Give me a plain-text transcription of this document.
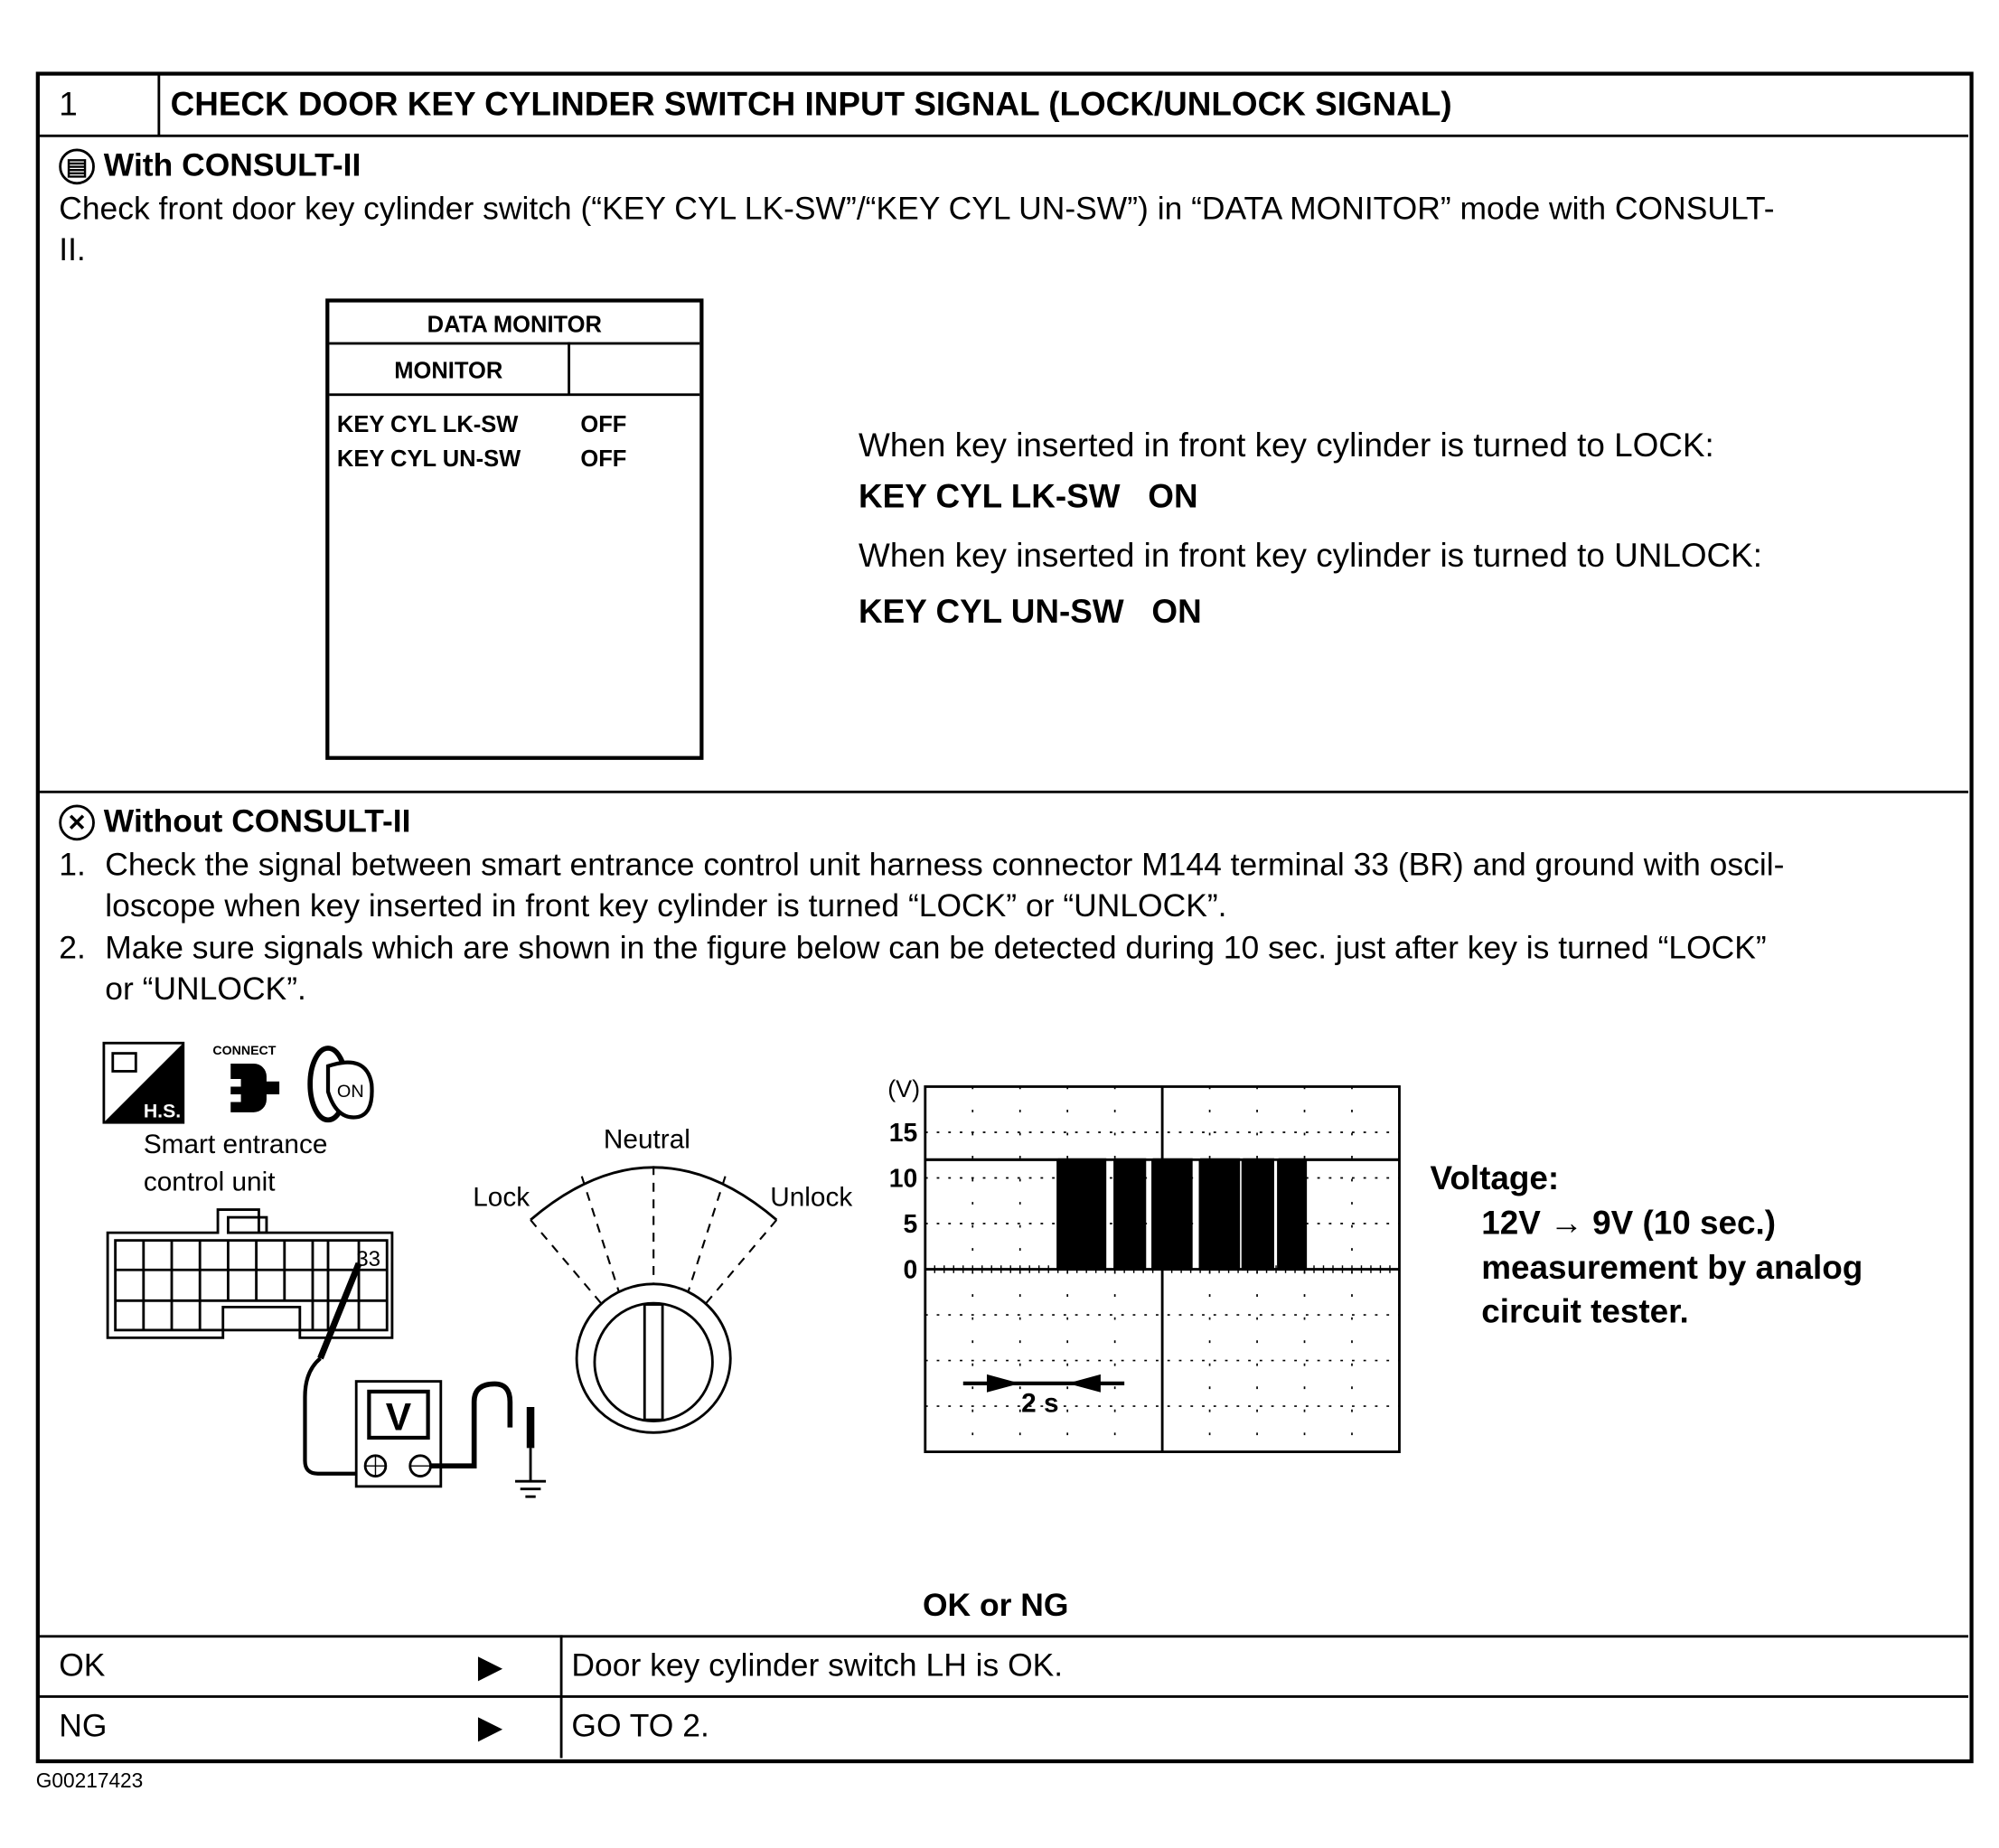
1	CHECK DOOR KEY CYLINDER SWITCH INPUT SIGNAL (LOCK/UNLOCK SIGNAL)
▤ With CONSULT-II
Check front door key cylinder switch (“KEY CYL LK-SW”/“KEY CYL UN-SW”) in “DATA MONITOR” mode with CONSULT-
II.
DATA MONITOR
MONITOR
KEY CYL LK-SW	OFF
KEY CYL UN-SW	OFF	When key inserted in front key cylinder is turned to LOCK:
KEY CYL LK-SW   ON
When key inserted in front key cylinder is turned to UNLOCK:
KEY CYL UN-SW   ON
✕ Without CONSULT-II
1. Check the signal between smart entrance control unit harness connector M144 terminal 33 (BR) and ground with oscil-
loscope when key inserted in front key cylinder is turned “LOCK” or “UNLOCK”.
2. Make sure signals which are shown in the figure below can be detected during 10 sec. just after key is turned “LOCK”
or “UNLOCK”.
H.S.
CONNECT
ON
Smart entrance
control unit
33
V
Neutral
Lock	Unlock
0
5
10
15
(V)
2 s
Voltage:
12V → 9V (10 sec.)
measurement by analog
circuit tester.
OK or NG
OK	▶	Door key cylinder switch LH is OK.
NG	▶	GO TO 2.
G00217423
